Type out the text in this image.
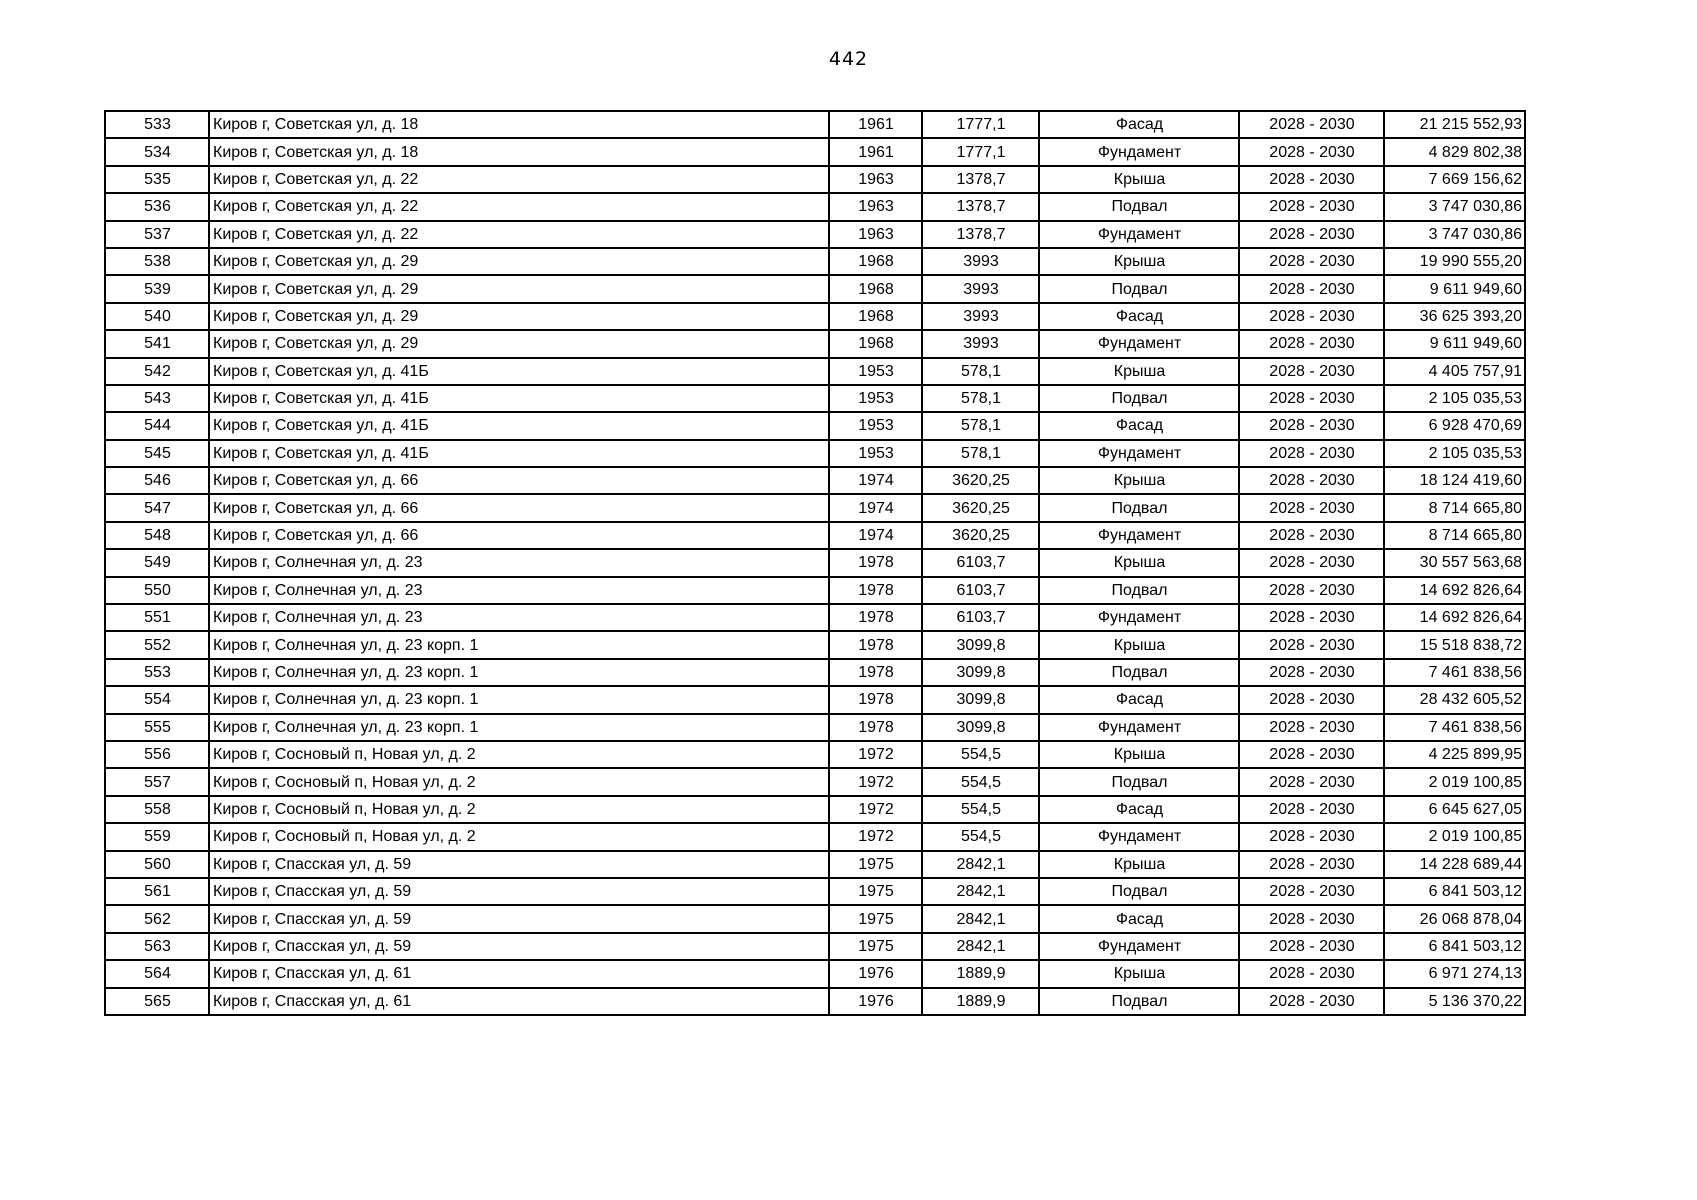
442
533	Киров г, Советская ул, д. 18	1961	1777,1	Фасад	2028 - 2030	21 215 552,93
534	Киров г, Советская ул, д. 18	1961	1777,1	Фундамент	2028 - 2030	4 829 802,38
535	Киров г, Советская ул, д. 22	1963	1378,7	Крыша	2028 - 2030	7 669 156,62
536	Киров г, Советская ул, д. 22	1963	1378,7	Подвал	2028 - 2030	3 747 030,86
537	Киров г, Советская ул, д. 22	1963	1378,7	Фундамент	2028 - 2030	3 747 030,86
538	Киров г, Советская ул, д. 29	1968	3993	Крыша	2028 - 2030	19 990 555,20
539	Киров г, Советская ул, д. 29	1968	3993	Подвал	2028 - 2030	9 611 949,60
540	Киров г, Советская ул, д. 29	1968	3993	Фасад	2028 - 2030	36 625 393,20
541	Киров г, Советская ул, д. 29	1968	3993	Фундамент	2028 - 2030	9 611 949,60
542	Киров г, Советская ул, д. 41Б	1953	578,1	Крыша	2028 - 2030	4 405 757,91
543	Киров г, Советская ул, д. 41Б	1953	578,1	Подвал	2028 - 2030	2 105 035,53
544	Киров г, Советская ул, д. 41Б	1953	578,1	Фасад	2028 - 2030	6 928 470,69
545	Киров г, Советская ул, д. 41Б	1953	578,1	Фундамент	2028 - 2030	2 105 035,53
546	Киров г, Советская ул, д. 66	1974	3620,25	Крыша	2028 - 2030	18 124 419,60
547	Киров г, Советская ул, д. 66	1974	3620,25	Подвал	2028 - 2030	8 714 665,80
548	Киров г, Советская ул, д. 66	1974	3620,25	Фундамент	2028 - 2030	8 714 665,80
549	Киров г, Солнечная ул, д. 23	1978	6103,7	Крыша	2028 - 2030	30 557 563,68
550	Киров г, Солнечная ул, д. 23	1978	6103,7	Подвал	2028 - 2030	14 692 826,64
551	Киров г, Солнечная ул, д. 23	1978	6103,7	Фундамент	2028 - 2030	14 692 826,64
552	Киров г, Солнечная ул, д. 23 корп. 1	1978	3099,8	Крыша	2028 - 2030	15 518 838,72
553	Киров г, Солнечная ул, д. 23 корп. 1	1978	3099,8	Подвал	2028 - 2030	7 461 838,56
554	Киров г, Солнечная ул, д. 23 корп. 1	1978	3099,8	Фасад	2028 - 2030	28 432 605,52
555	Киров г, Солнечная ул, д. 23 корп. 1	1978	3099,8	Фундамент	2028 - 2030	7 461 838,56
556	Киров г, Сосновый п, Новая ул, д. 2	1972	554,5	Крыша	2028 - 2030	4 225 899,95
557	Киров г, Сосновый п, Новая ул, д. 2	1972	554,5	Подвал	2028 - 2030	2 019 100,85
558	Киров г, Сосновый п, Новая ул, д. 2	1972	554,5	Фасад	2028 - 2030	6 645 627,05
559	Киров г, Сосновый п, Новая ул, д. 2	1972	554,5	Фундамент	2028 - 2030	2 019 100,85
560	Киров г, Спасская ул, д. 59	1975	2842,1	Крыша	2028 - 2030	14 228 689,44
561	Киров г, Спасская ул, д. 59	1975	2842,1	Подвал	2028 - 2030	6 841 503,12
562	Киров г, Спасская ул, д. 59	1975	2842,1	Фасад	2028 - 2030	26 068 878,04
563	Киров г, Спасская ул, д. 59	1975	2842,1	Фундамент	2028 - 2030	6 841 503,12
564	Киров г, Спасская ул, д. 61	1976	1889,9	Крыша	2028 - 2030	6 971 274,13
565	Киров г, Спасская ул, д. 61	1976	1889,9	Подвал	2028 - 2030	5 136 370,22
